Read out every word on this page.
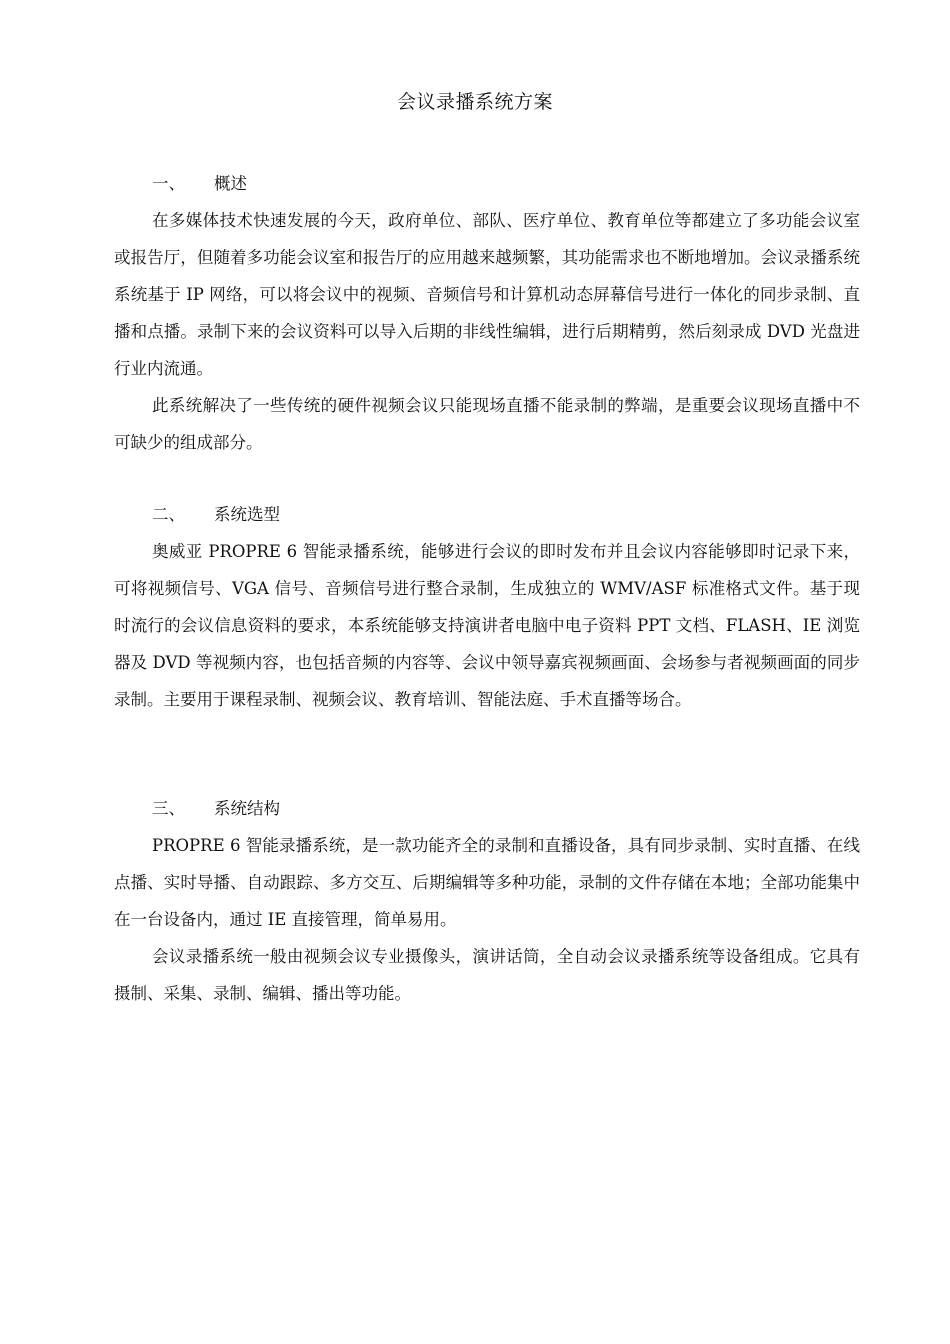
会议录播系统方案
一、 概述

在多媒体技术快速发展的今天，政府单位、部队、医疗单位、教育单位等都建立了多功能会议室或报告厅，但随着多功能会议室和报告厅的应用越来越频繁，其功能需求也不断地增加。会议录播系统系统基于 IP 网络，可以将会议中的视频、音频信号和计算机动态屏幕信号进行一体化的同步录制、直播和点播。录制下来的会议资料可以导入后期的非线性编辑，进行后期精剪，然后刻录成 DVD 光盘进行业内流通。

此系统解决了一些传统的硬件视频会议只能现场直播不能录制的弊端，是重要会议现场直播中不可缺少的组成部分。

二、 系统选型

奥威亚 PROPRE 6 智能录播系统，能够进行会议的即时发布并且会议内容能够即时记录下来，可将视频信号、VGA 信号、音频信号进行整合录制，生成独立的 WMV/ASF 标准格式文件。基于现时流行的会议信息资料的要求，本系统能够支持演讲者电脑中电子资料 PPT 文档、FLASH、IE 浏览器及 DVD 等视频内容，也包括音频的内容等、会议中领导嘉宾视频画面、会场参与者视频画面的同步录制。主要用于课程录制、视频会议、教育培训、智能法庭、手术直播等场合。

三、 系统结构

PROPRE 6 智能录播系统，是一款功能齐全的录制和直播设备，具有同步录制、实时直播、在线点播、实时导播、自动跟踪、多方交互、后期编辑等多种功能，录制的文件存储在本地；全部功能集中在一台设备内，通过 IE 直接管理，简单易用。

会议录播系统一般由视频会议专业摄像头，演讲话筒，全自动会议录播系统等设备组成。它具有摄制、采集、录制、编辑、播出等功能。
